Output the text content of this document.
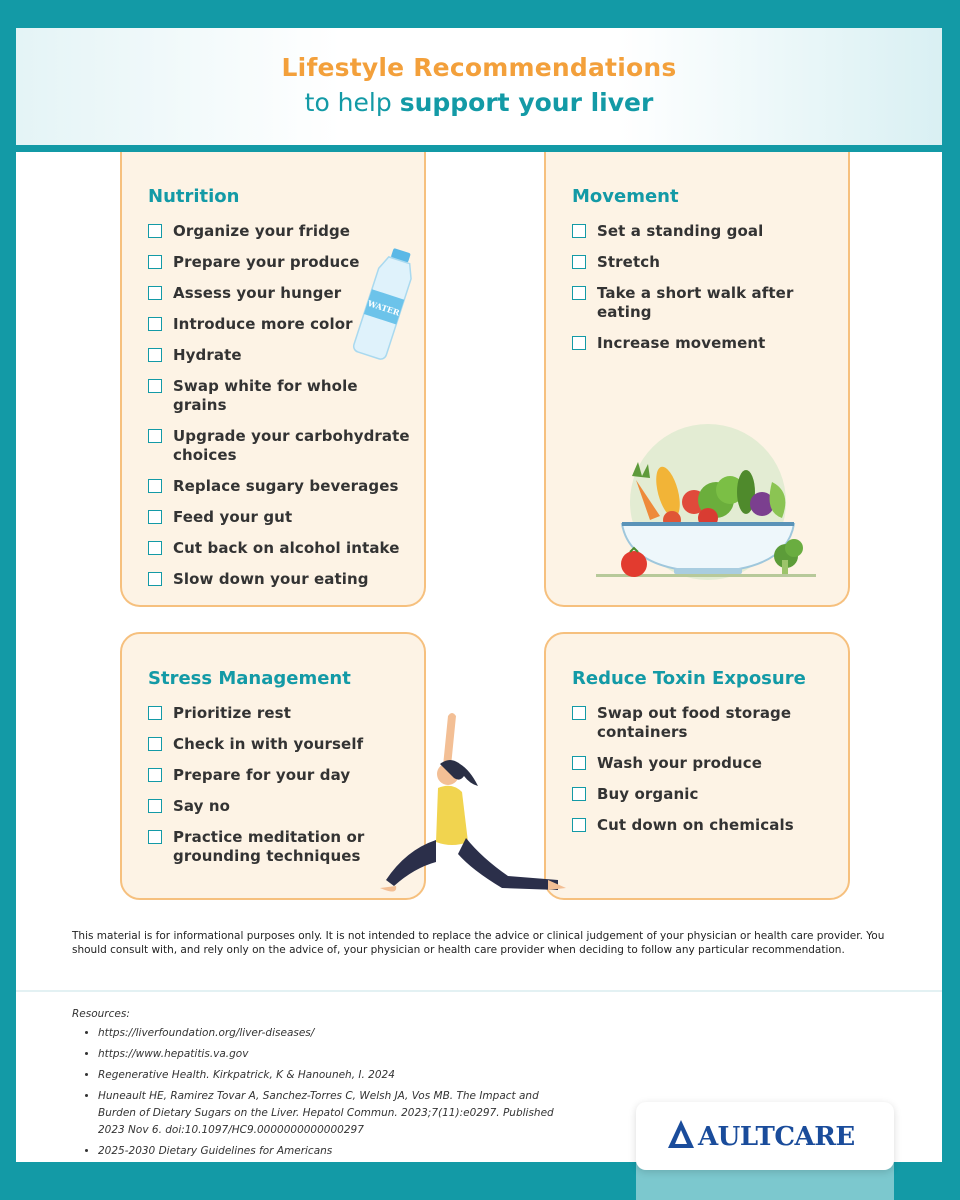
Lifestyle Recommendations
to help support your liver
Nutrition
Organize your fridge
Prepare your produce
Assess your hunger
Introduce more color
Hydrate
Swap white for whole grains
Upgrade your carbohydrate choices
Replace sugary beverages
Feed your gut
Cut back on alcohol intake
Slow down your eating
WATER
Movement
Set a standing goal
Stretch
Take a short walk after eating
Increase movement
Stress Management
Prioritize rest
Check in with yourself
Prepare for your day
Say no
Practice meditation or grounding techniques
Reduce Toxin Exposure
Swap out food storage containers
Wash your produce
Buy organic
Cut down on chemicals
This material is for informational purposes only. It is not intended to replace the advice or clinical judgement of your physician or health care provider. You should consult with, and rely only on the advice of, your physician or health care provider when deciding to follow any particular recommendation.
Resources:
• https://liverfoundation.org/liver-diseases/
• https://www.hepatitis.va.gov
• Regenerative Health. Kirkpatrick, K & Hanouneh, I. 2024
• Huneault HE, Ramirez Tovar A, Sanchez-Torres C, Welsh JA, Vos MB. The Impact and Burden of Dietary Sugars on the Liver. Hepatol Commun. 2023;7(11):e0297. Published 2023 Nov 6. doi:10.1097/HC9.0000000000000297
• 2025-2030 Dietary Guidelines for Americans	AULTCARE
